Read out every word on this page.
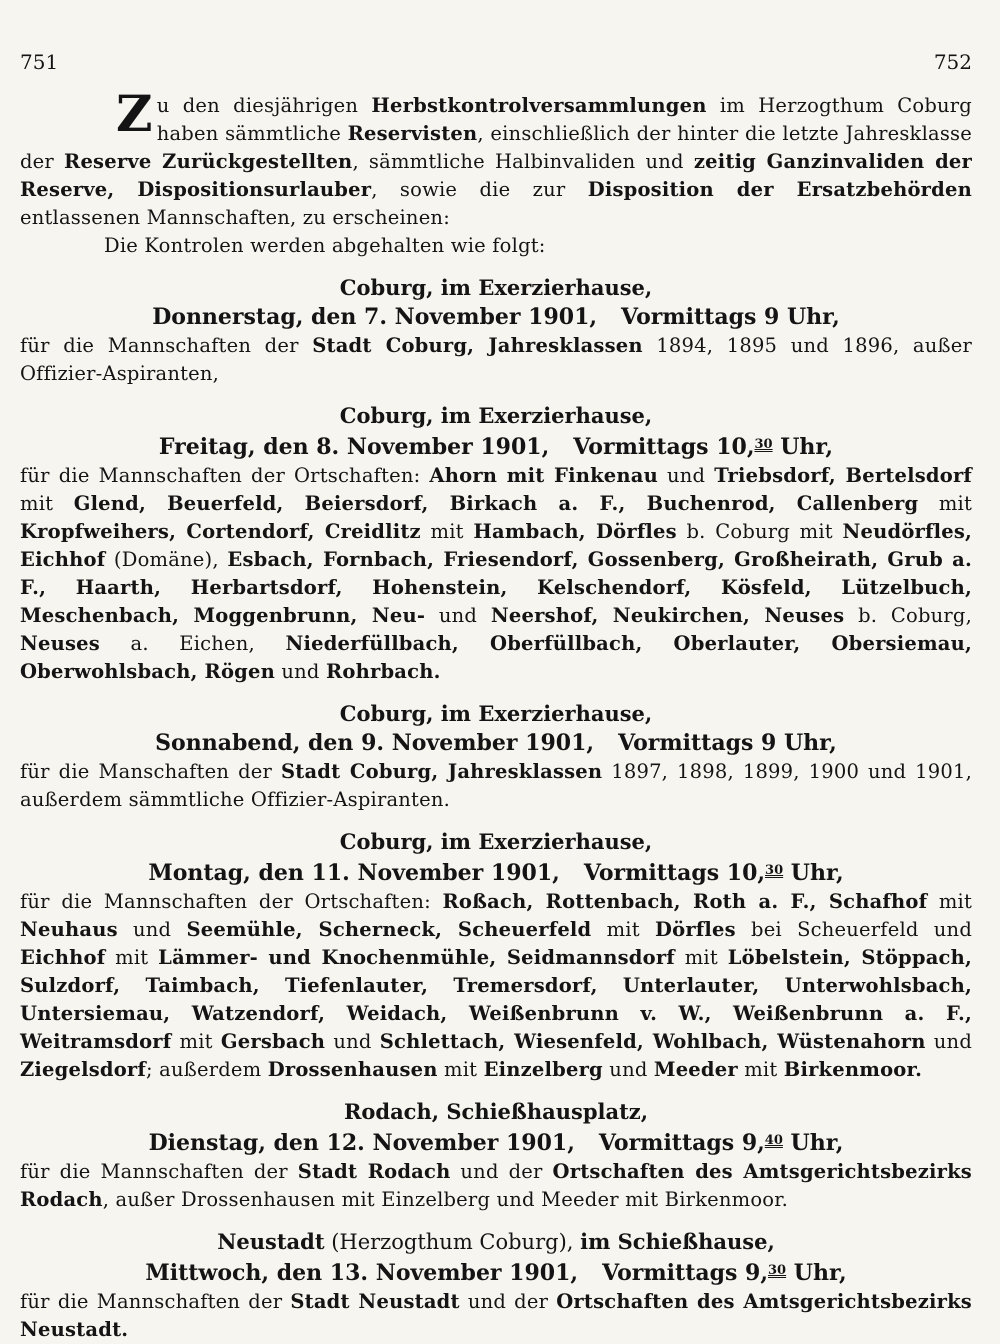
751	752

Zu den diesjährigen Herbstkontrolversammlungen im Herzogthum Coburg haben sämmtliche Reservisten, einschließlich der hinter die letzte Jahresklasse der Reserve Zurückgestellten, sämmtliche Halbinvaliden und zeitig Ganzinvaliden der Reserve, Dispositionsurlauber, sowie die zur Disposition der Ersatzbehörden entlassenen Mannschaften, zu erscheinen:

Die Kontrolen werden abgehalten wie folgt:

Coburg, im Exerzierhause,
Donnerstag, den 7. November 1901, Vormittags 9 Uhr,

für die Mannschaften der Stadt Coburg, Jahresklassen 1894, 1895 und 1896, außer Offizier-Aspiranten,

Coburg, im Exerzierhause,
Freitag, den 8. November 1901, Vormittags 10,30 Uhr,

für die Mannschaften der Ortschaften: Ahorn mit Finkenau und Triebsdorf, Bertelsdorf mit Glend, Beuerfeld, Beiersdorf, Birkach a. F., Buchenrod, Callenberg mit Kropfweihers, Cortendorf, Creidlitz mit Hambach, Dörfles b. Coburg mit Neudörfles, Eichhof (Domäne), Esbach, Fornbach, Friesendorf, Gossenberg, Großheirath, Grub a. F., Haarth, Herbartsdorf, Hohenstein, Kelschendorf, Kösfeld, Lützelbuch, Meschenbach, Moggenbrunn, Neu- und Neershof, Neukirchen, Neuses b. Coburg, Neuses a. Eichen, Niederfüllbach, Oberfüllbach, Oberlauter, Obersiemau, Oberwohlsbach, Rögen und Rohrbach.

Coburg, im Exerzierhause,
Sonnabend, den 9. November 1901, Vormittags 9 Uhr,

für die Manschaften der Stadt Coburg, Jahresklassen 1897, 1898, 1899, 1900 und 1901, außerdem sämmtliche Offizier-Aspiranten.

Coburg, im Exerzierhause,
Montag, den 11. November 1901, Vormittags 10,30 Uhr,

für die Mannschaften der Ortschaften: Roßach, Rottenbach, Roth a. F., Schafhof mit Neuhaus und Seemühle, Scherneck, Scheuerfeld mit Dörfles bei Scheuerfeld und Eichhof mit Lämmer- und Knochenmühle, Seidmannsdorf mit Löbelstein, Stöppach, Sulzdorf, Taimbach, Tiefenlauter, Tremersdorf, Unterlauter, Unterwohlsbach, Untersiemau, Watzendorf, Weidach, Weißenbrunn v. W., Weißenbrunn a. F., Weitramsdorf mit Gersbach und Schlettach, Wiesenfeld, Wohlbach, Wüstenahorn und Ziegelsdorf; außerdem Drossenhausen mit Einzelberg und Meeder mit Birkenmoor.

Rodach, Schießhausplatz,
Dienstag, den 12. November 1901, Vormittags 9,40 Uhr,

für die Mannschaften der Stadt Rodach und der Ortschaften des Amtsgerichtsbezirks Rodach, außer Drossenhausen mit Einzelberg und Meeder mit Birkenmoor.

Neustadt (Herzogthum Coburg), im Schießhause,
Mittwoch, den 13. November 1901, Vormittags 9,30 Uhr,

für die Mannschaften der Stadt Neustadt und der Ortschaften des Amtsgerichtsbezirks Neustadt.
